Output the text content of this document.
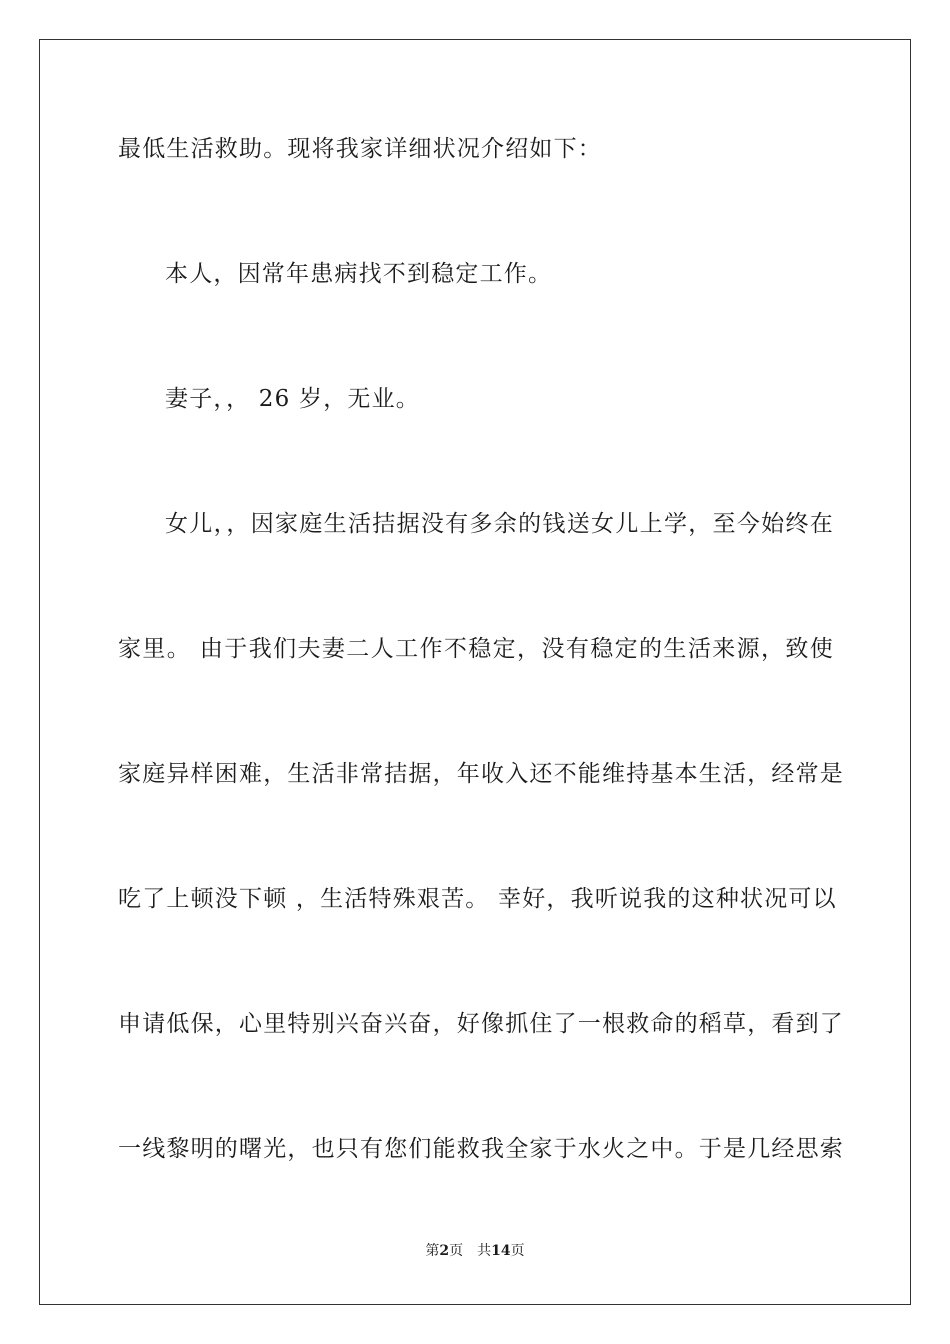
最低生活救助。现将我家详细状况介绍如下：
本人，因常年患病找不到稳定工作。
妻子，， 26 岁，无业。
女儿，，因家庭生活拮据没有多余的钱送女儿上学，至今始终在
家里。 由于我们夫妻二人工作不稳定，没有稳定的生活来源，致使
家庭异样困难，生活非常拮据，年收入还不能维持基本生活，经常是
吃了上顿没下顿 ，生活特殊艰苦。 幸好，我听说我的这种状况可以
申请低保，心里特别兴奋兴奋，好像抓住了一根救命的稻草，看到了
一线黎明的曙光，也只有您们能救我全家于水火之中。于是几经思索
第2页 共14页
